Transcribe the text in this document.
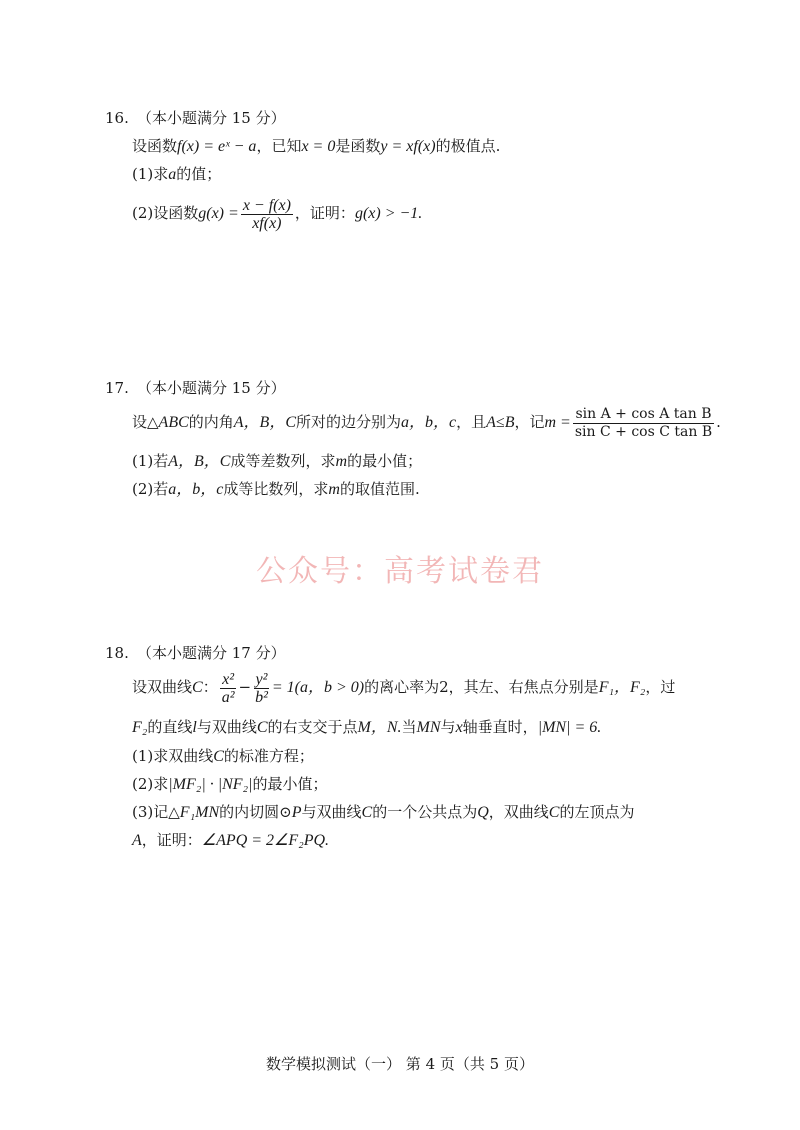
16. （本小题满分 15 分）
设函数f(x) = eˣ − a，已知x = 0是函数y = xf(x)的极值点.
(1)求a的值；
(2)设函数$g(x) = \frac{x - f(x)}{xf(x)}$ ，证明：g(x) > −1.
17. （本小题满分 15 分）
设△ABC的内角A，B，C所对的边分别为a，b，c，且A≤B，记$m = \frac{\text{sin A + cos A tan B}}{\text{sin C + cos C tan B}}$ .
(1)若A，B，C成等差数列，求m的最小值；
(2)若a，b，c成等比数列，求m的取值范围.
公众号：高考试卷君
18. （本小题满分 17 分）
设双曲线C： $\frac{\text{x²}}{\text{a²}} - \frac{\text{y²}}{\text{b²}} = 1(a$，b > 0)的离心率为2，其左、右焦点分别是F₁，F₂，过
F₂的直线l与双曲线C的右支交于点M，N.当MN与x轴垂直时，|MN| = 6.
(1)求双曲线C的标准方程；
(2)求|MF₂| · |NF₂|的最小值；
(3)记△F₁MN的内切圆⊙P与双曲线C的一个公共点为Q，双曲线C的左顶点为
A，证明：∠APQ = 2∠F₂PQ.
数学模拟测试（一） 第 4 页（共 5 页）
